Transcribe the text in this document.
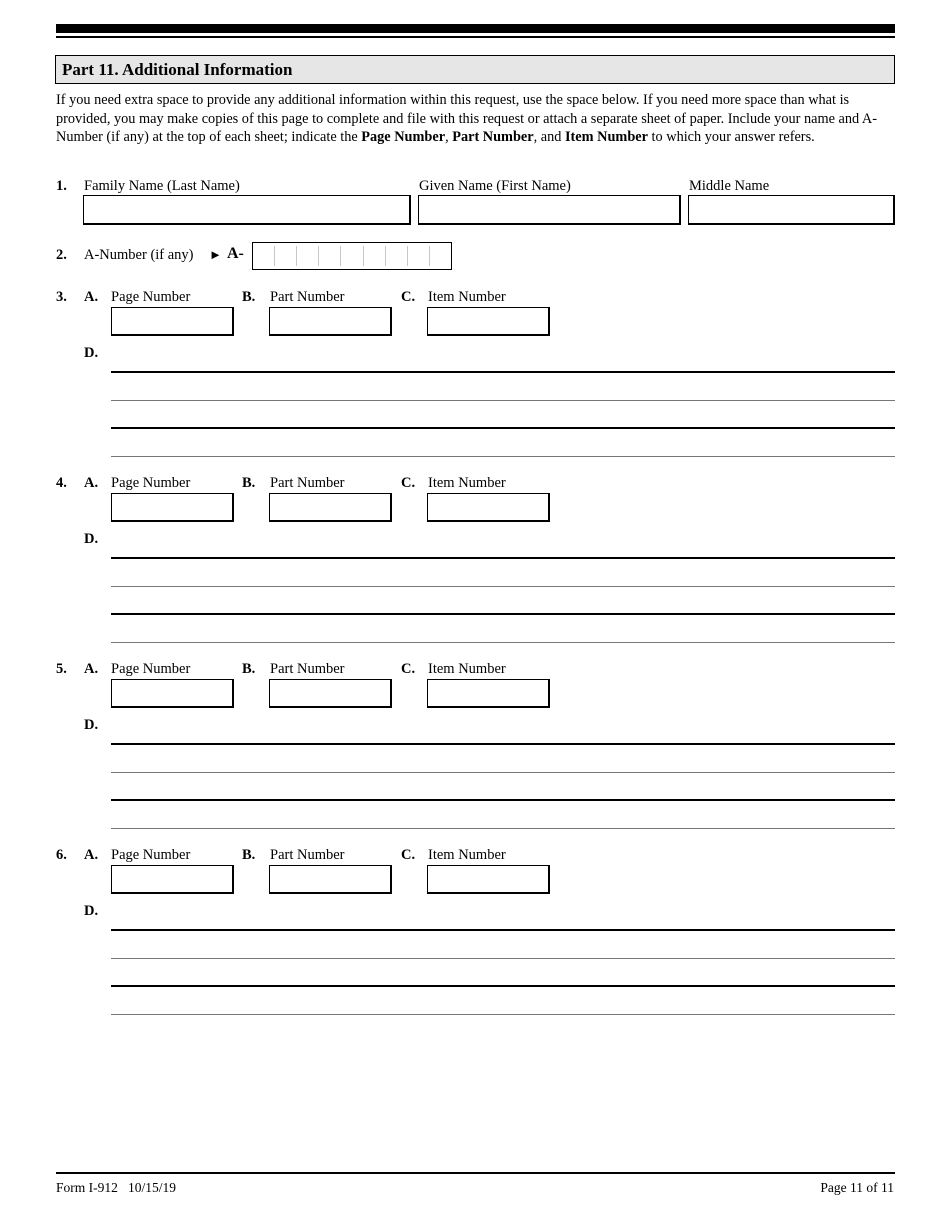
Part 11. Additional Information
If you need extra space to provide any additional information within this request, use the space below. If you need more space than what is provided, you may make copies of this page to complete and file with this request or attach a separate sheet of paper. Include your name and A-Number (if any) at the top of each sheet; indicate the Page Number, Part Number, and Item Number to which your answer refers.
1. Family Name (Last Name)	Given Name (First Name)	Middle Name
2. A-Number (if any) ► A-
3. A. Page Number	B. Part Number	C. Item Number
D.
4. A. Page Number	B. Part Number	C. Item Number
D.
5. A. Page Number	B. Part Number	C. Item Number
D.
6. A. Page Number	B. Part Number	C. Item Number
D.
Form I-912   10/15/19	Page 11 of 11
